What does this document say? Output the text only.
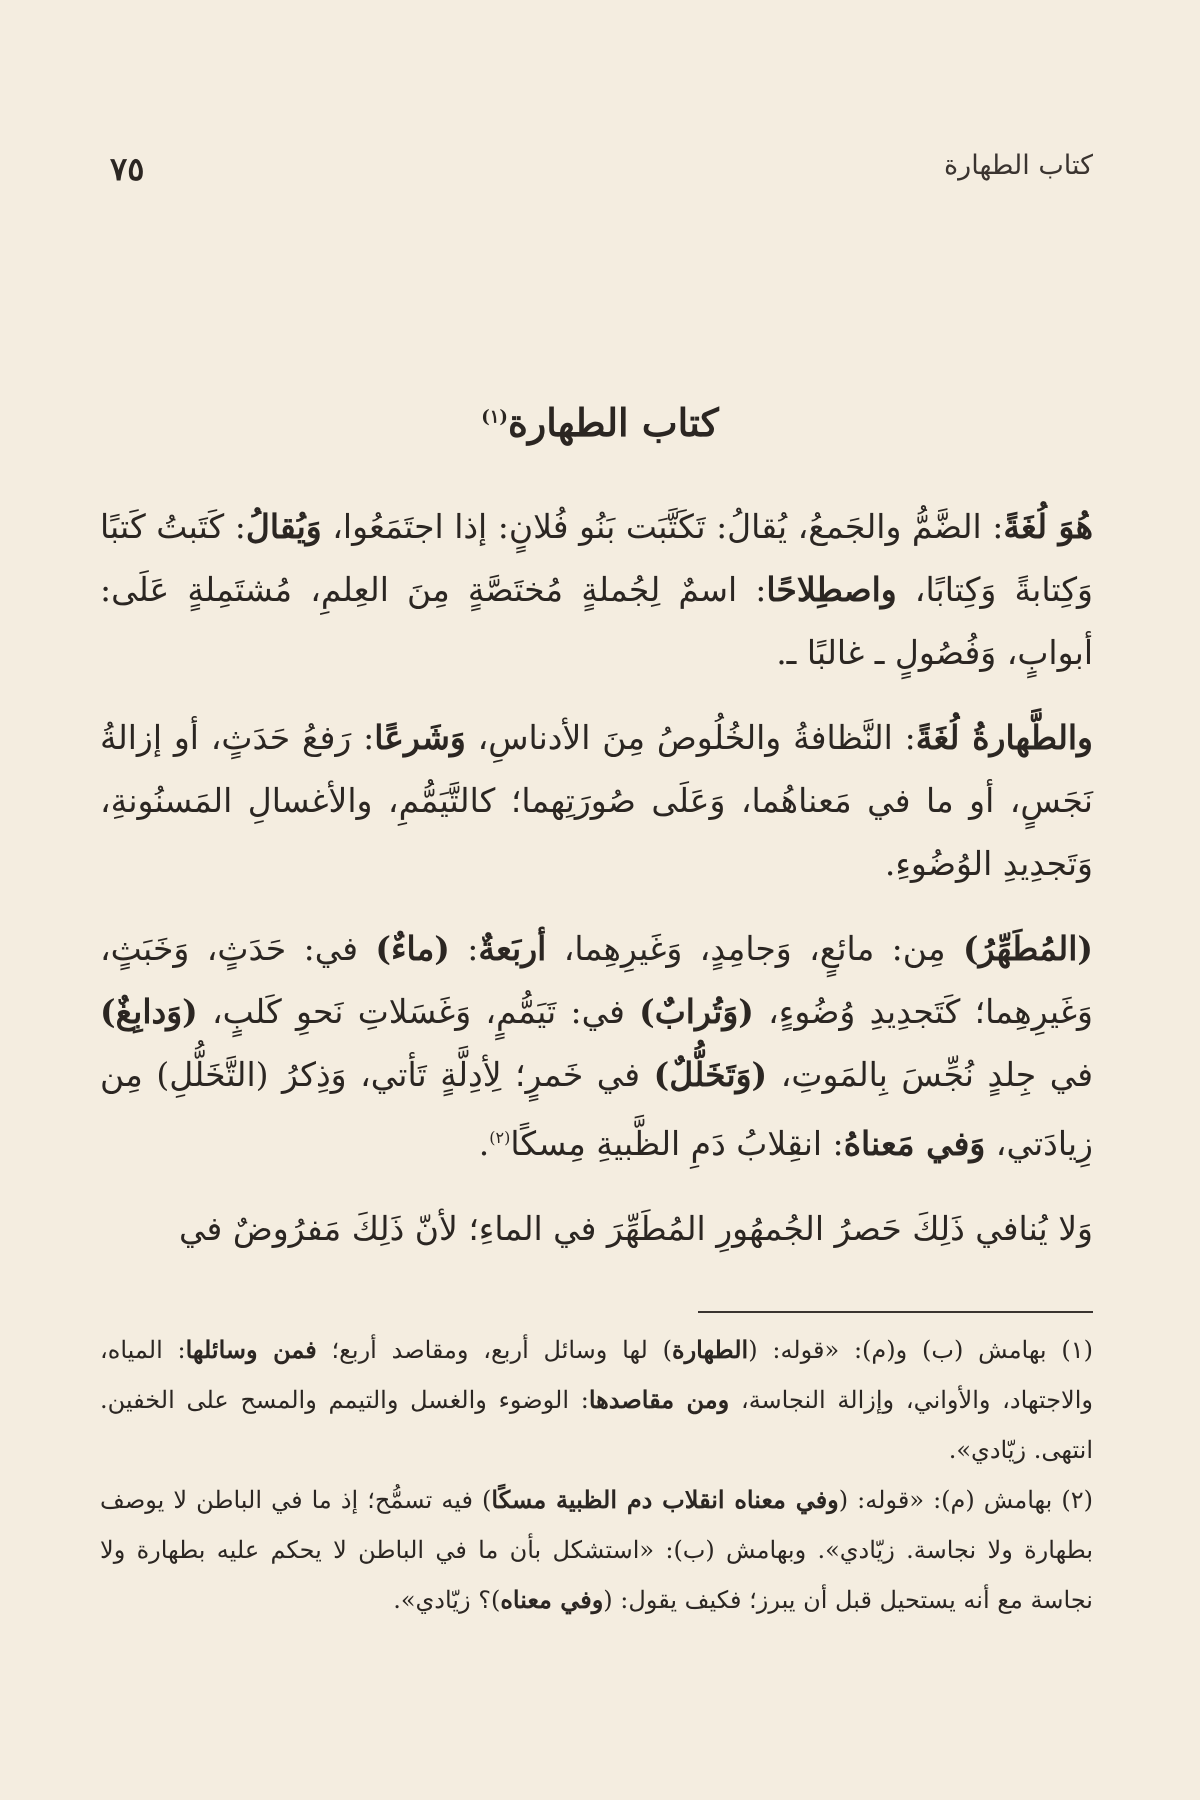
كتاب الطهارة
٧٥
كتاب الطهارة$^{(١)}$

هُوَ لُغَةً: الضَّمُّ والجَمعُ، يُقالُ: تَكَتَّبَت بَنُو فُلانٍ: إذا اجتَمَعُوا، وَيُقالُ: كَتَبتُ كَتبًا وَكِتابةً وَكِتابًا، واصطِلاحًا: اسمٌ لِجُملةٍ مُختَصَّةٍ مِنَ العِلمِ، مُشتَمِلةٍ عَلَى: أبوابٍ، وَفُصُولٍ ـ غالبًا ـ.

والطَّهارةُ لُغَةً: النَّظافةُ والخُلُوصُ مِنَ الأدناسِ، وَشَرعًا: رَفعُ حَدَثٍ، أو إزالةُ نَجَسٍ، أو ما في مَعناهُما، وَعَلَى صُورَتِهما؛ كالتَّيَمُّمِ، والأغسالِ المَسنُونةِ، وَتَجدِيدِ الوُضُوءِ.

(المُطَهِّرُ) مِن: مائعٍ، وَجامِدٍ، وَغَيرِهِما، أربَعةٌ: (ماءٌ) في: حَدَثٍ، وَخَبَثٍ، وَغَيرِهِما؛ كَتَجدِيدِ وُضُوءٍ، (وَتُرابٌ) في: تَيَمُّمٍ، وَغَسَلاتِ نَحوِ كَلبٍ، (وَدابِغٌ) في جِلدٍ نُجِّسَ بِالمَوتِ، (وَتَخَلُّلٌ) في خَمرٍ؛ لِأدِلَّةٍ تَأتي، وَذِكرُ (التَّخَلُّلِ) مِن زِيادَتي، وَفي مَعناهُ: انقِلابُ دَمِ الظَّبيةِ مِسكًا$^{(٢)}$.

وَلا يُنافي ذَلِكَ حَصرُ الجُمهُورِ المُطَهِّرَ في الماءِ؛ لأنّ ذَلِكَ مَفرُوضٌ في

(١) بهامش (ب) و(م): «قوله: (الطهارة) لها وسائل أربع، ومقاصد أربع؛ فمن وسائلها: المياه، والاجتهاد، والأواني، وإزالة النجاسة، ومن مقاصدها: الوضوء والغسل والتيمم والمسح على الخفين. انتهى. زيّادي».

(٢) بهامش (م): «قوله: (وفي معناه انقلاب دم الظبية مسكًا) فيه تسمُّح؛ إذ ما في الباطن لا يوصف بطهارة ولا نجاسة. زيّادي». وبهامش (ب): «استشكل بأن ما في الباطن لا يحكم عليه بطهارة ولا نجاسة مع أنه يستحيل قبل أن يبرز؛ فكيف يقول: (وفي معناه)؟ زيّادي».
